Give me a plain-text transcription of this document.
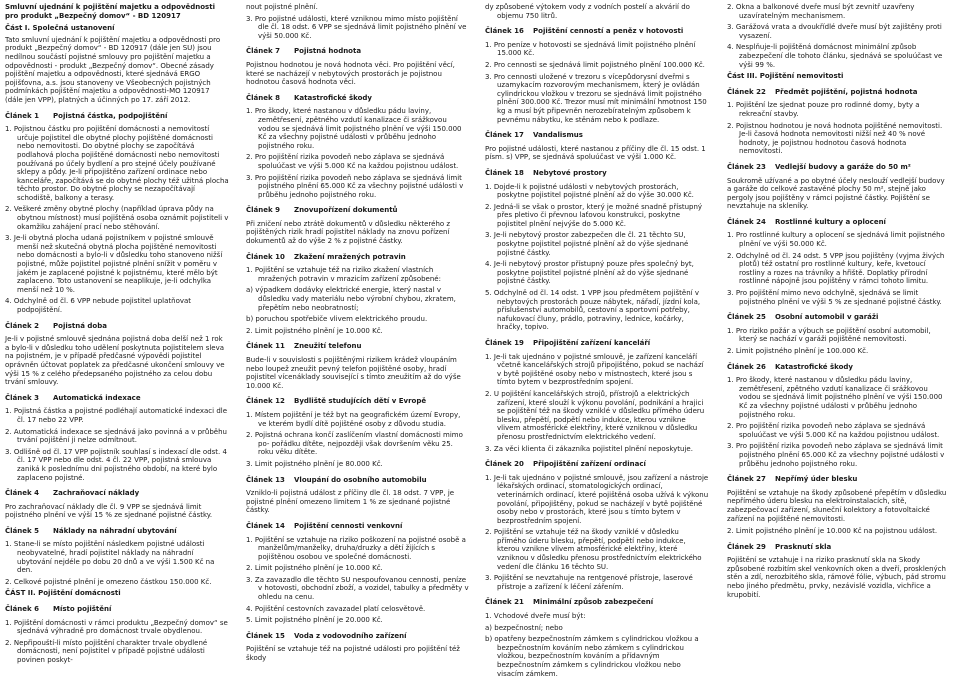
Smluvní ujednání k pojištění majetku a odpovědnosti pro produkt „Bezpečný domov“ - BD 120917
Část I. Společná ustanovení
Tato smluvní ujednání k pojištění majetku a odpovědnosti pro produkt „Bezpečný domov“ - BD 120917 (dále jen SU) jsou nedílnou součástí pojistné smlouvy pro pojištění majetku a odpovědnosti - produkt „Bezpečný domov“. Obecné zásady pojištění majetku a odpovědnosti, které sjednává ERGO pojišťovna, a.s. jsou stanoveny ve Všeobecných pojistných podmínkách pojištění majetku a odpovědnosti-MO 120917 (dále jen VPP), platných a účinných po 17. září 2012.
Článek 1 Pojistná částka, podpojištění
1. Pojistnou částku pro pojištění domácnosti a nemovitostí určuje pojistitel dle obytné plochy pojištěné domácnosti nebo nemovitosti. Do obytné plochy se započítává podlahová plocha pojištěné domácnosti nebo nemovitosti používaná po účely bydlení a pro stejné účely používané sklepy a půdy. Je-li připojištěno zařízení ordinace nebo kanceláře, započítává se do obytné plochy též užitná plocha těchto prostor. Do obytné plochy se nezapočítávají schodiště, balkony a terasy.
2. Veškeré změny obytné plochy (například úprava půdy na obytnou místnost) musí pojištěná osoba oznámit pojistiteli v okamžiku zahájení prací nebo stěhování.
3. Je-li obytná plocha udaná pojistníkem v pojistné smlouvě menší než skutečná obytná plocha pojištěné nemovitosti nebo domácnosti a bylo-li v důsledku toho stanoveno nižší pojistné, může pojistitel pojistné plnění snížit v poměru v jakém je zaplacené pojistné k pojistnému, které mělo být zaplaceno. Toto ustanovení se neaplikuje, je-li odchylka menší než 10 %.
4. Odchylně od čl. 6 VPP nebude pojistitel uplatňovat podpojištění.
Článek 2 Pojistná doba
Je-li v pojistné smlouvě sjednána pojistná doba delší než 1 rok a bylo-li v důsledku toho udělení poskytnuta pojistitelem sleva na pojistném, je v případě předčasné výpovědi pojistitel oprávněn účtovat poplatek za předčasné ukončení smlouvy ve výši 15 % z celého předepsaného pojistného za celou dobu trvání smlouvy.
Článek 3 Automatická indexace
1. Pojistná částka a pojistné podléhají automatické indexaci dle čl. 17 nebo 22 VPP.
2. Automatická indexace se sjednává jako povinná a v průběhu trvání pojištění ji nelze odmítnout.
3. Odlišně od čl. 17 VPP pojistník souhlasí s indexací dle odst. 4 čl. 17 VPP nebo dle odst. 4 čl. 22 VPP, pojistná smlouva zaniká k poslednímu dni pojistného období, na které bylo zaplaceno pojistné.
Článek 4 Zachraňovací náklady
Pro zachraňovací náklady dle čl. 9 VPP se sjednává limit pojistného plnění ve výši 15 % ze sjednané pojistné částky.
Článek 5 Náklady na náhradní ubytování
1. Stane-li se místo pojištění následkem pojistné události neobyvatelné, hradí pojistitel náklady na náhradní ubytování nejdéle po dobu 20 dnů a ve výši 1.500 Kč na den.
2. Celkové pojistné plnění je omezeno částkou 150.000 Kč.
ČÁST II. Pojištění domácnosti
Článek 6 Místo pojištění
1. Pojištění domácnosti v rámci produktu „Bezpečný domov“ se sjednává výhradně pro domácnost trvale obydlenou.
2. Nepřipouští-li místo pojištění charakter trvale obydlené domácnosti, není pojistitel v případě pojistné události povinen poskyt-
nout pojistné plnění.
3. Pro pojistné události, které vzniknou mimo místo pojištění dle čl. 18 odst. 6 VPP se sjednává limit pojistného plnění ve výši 50.000 Kč.
Článek 7 Pojistná hodnota
Pojistnou hodnotou je nová hodnota věci. Pro pojištění věcí, které se nacházejí v nebytových prostorách je pojistnou hodnotou časová hodnota věci.
Článek 8 Katastrofické škody
1. Pro škody, které nastanou v důsledku pádu laviny, zemětřesení, zpětného vzdutí kanalizace či srážkovou vodou se sjednává limit pojistného plnění ve výši 150.000 Kč za všechny pojistné události v průběhu jednoho pojistného roku.
2. Pro pojištění rizika povodeň nebo záplava se sjednává spoluúčast ve výši 5.000 Kč na každou pojistnou událost.
3. Pro pojištění rizika povodeň nebo záplava se sjednává limit pojistného plnění 65.000 Kč za všechny pojistné události v průběhu jednoho pojistného roku.
Článek 9 Znovupořízení dokumentů
Při zničení nebo ztrátě dokumentů v důsledku některého z pojištěných rizik hradí pojistitel náklady na znovu pořízení dokumentů až do výše 2 % z pojistné částky.
Článek 10 Zkažení mražených potravin
1. Pojištění se vztahuje též na riziko zkažení vlastních mražených potravin v mrazicím zařízení způsobené:
a) výpadkem dodávky elektrické energie, který nastal v důsledku vady materiálu nebo výrobní chybou, zkratem, přepětím nebo neobratností;
b) poruchou spotřebiče vlivem elektrického proudu.
2. Limit pojistného plnění je 10.000 Kč.
Článek 11 Zneužití telefonu
Bude-li v souvislosti s pojištěnými rizikem krádež vloupáním nebo loupež zneužit pevný telefon pojištěné osoby, hradí pojistitel vícenáklady související s tímto zneužitím až do výše 10.000 Kč.
Článek 12 Bydliště studujících dětí v Evropě
1. Místem pojištění je též byt na geografickém území Evropy, ve kterém bydlí dítě pojištěné osoby z důvodu studia.
2. Pojistná ochrana končí zaslíčením vlastní domácnosti mimo po- pořádku dítěte, nejpozději však dovršením věku 25. roku věku dítěte.
3. Limit pojistného plnění je 80.000 Kč.
Článek 13 Vloupání do osobního automobilu
Vzniklo-li pojistná událost z příčiny dle čl. 18 odst. 7 VPP, je pojistné plnění omezeno limitem 1 % ze sjednané pojistné částky.
Článek 14 Pojištění cennosti venkovní
1. Pojištění se vztahuje na riziko poškození na pojistné osobě a manželům/manželky, druha/druzky a dětí žijících s pojištěnou osobou ve společné domácnosti.
2. Limit pojistného plnění je 10.000 Kč.
3. Za zavazadlo dle těchto SU nespoufovanou cennosti, peníze v hotovosti, obchodní zboží, a vozidel, tabulky a předměty v ohledu na cenu.
4. Pojištění cestovních zavazadel platí celosvětově.
5. Limit pojistného plnění je 20.000 Kč.
Článek 15 Voda z vodovodního zařízení
Pojištění se vztahuje též na pojistné události pro pojištění též škody
dy způsobené výtokem vody z vodních postelí a akvárií do objemu 750 litrů.
Článek 16 Pojištění cenností a peněz v hotovosti
1. Pro peníze v hotovosti se sjednává limit pojistného plnění 15.000 Kč.
2. Pro cennosti se sjednává limit pojistného plnění 100.000 Kč.
3. Pro cennosti uložené v trezoru s vícepůdorysní dveřmi s uzamykacím rozvorovým mechanismem, který je ovládán cylindrickou vložkou v trezoru se sjednává limit pojistného plnění 300.000 Kč. Trezor musí mít minimální hmotnost 150 kg a musí být připevněn nerozebíratelným způsobem k pevnému nábytku, ke stěnám nebo k podlaze.
Článek 17 Vandalismus
Pro pojistné události, které nastanou z příčiny dle čl. 15 odst. 1 písm. s) VPP, se sjednává spoluúčast ve výši 1.000 Kč.
Článek 18 Nebytové prostory
1. Dojde-li k pojistné události v nebytových prostorách, poskytne pojistitel pojistné plnění až do výše 30.000 Kč.
2. Jedná-li se však o prostor, který je možné snadně přístupný přes pletivo či převnou laťovou konstrukci, poskytne pojistitel plnění nejvýše do 5.000 Kč.
3. Je-li nebytový prostor zabezpečen dle čl. 21 těchto SU, poskytne pojistitel pojistné plnění až do výše sjednané pojistné částky.
4. Je-li nebytový prostor přístupný pouze přes společný byt, poskytne pojistitel pojistné plnění až do výše sjednané pojistné částky.
5. Odchylně od čl. 14 odst. 1 VPP jsou předmětem pojištění v nebytových prostorách pouze nábytek, nářadí, jízdní kola, příslušenství automobilů, cestovní a sportovní potřeby, nafukovací čluny, prádlo, potraviny, lednice, kočárky, hračky, topivo.
Článek 19 Připojištění zařízení kanceláří
1. Je-li tak ujednáno v pojistné smlouvě, je zařízení kanceláří včetně kancelářských strojů připojištěno, pokud se nachází v bytě pojištěné osoby nebo v místnostech, které jsou s tímto bytem v bezprostředním spojení.
2. U pojištění kancelářských strojů, přístrojů a elektrických zařízení, které slouží k výkonu povolání, podnikání a hrajici se pojištění též na škody vzniklé v důsledku přímého úderu blesku, přepětí, podpětí nebo indukce, kterou vznikne vlivem atmosférické elektřiny, které vzniknou v důsledku přenosu prostřednictvím elektrického vedení.
3. Za věci klienta či zákazníka pojistitel plnění neposkytuje.
Článek 20 Připojištění zařízení ordinací
1. Je-li tak ujednáno v pojistné smlouvě, jsou zařízení a nástroje lékařských ordinací, stomatologických ordinací, veterinárních ordinací, které pojištěná osoba užívá k výkonu povolání, připojištěny, pokud se nacházejí v bytě pojištěné osoby nebo v prostorách, které jsou s tímto bytem v bezprostředním spojení.
2. Pojištění se vztahuje též na škody vzniklé v důsledku přímého úderu blesku, přepětí, podpětí nebo indukce, kterou vznikne vlivem atmosférické elektřiny, které vzniknou v důsledku přenosu prostřednictvím elektrického vedení dle článku 16 těchto SU.
3. Pojištění se nevztahuje na rentgenové přístroje, laserové přístroje a zařízení k léčení zářením.
Článek 21 Minimální způsob zabezpečení
1. Vchodové dveře musí být:
a) bezpečnostní; nebo
b) opatřeny bezpečnostním zámkem s cylindrickou vložkou a bezpečnostním kováním nebo zámkem s cylindrickou vložkou, bezpečnostním kováním a přídavným bezpečnostním zámkem s cylindrickou vložkou nebo visacím zámkem.
2. Okna a balkonové dveře musí být zevnitř uzavřeny uzavíratelným mechanismem.
3. Garážová vrata a dvoukřídlé dveře musí být zajištěny proti vysazení.
4. Nesplňuje-li pojištěná domácnost minimální způsob zabezpečení dle tohoto článku, sjednává se spoluúčast ve výši 99 %.
Část III. Pojištění nemovitosti
Článek 22 Předmět pojištění, pojistná hodnota
1. Pojištění lze sjednat pouze pro rodinné domy, byty a rekreační stavby.
2. Pojistnou hodnotou je nová hodnota pojištěné nemovitosti. Je-li časová hodnota nemovitosti nižší než 40 % nové hodnoty, je pojistnou hodnotou časová hodnota nemovitosti.
Článek 23 Vedlejší budovy a garáže do 50 m²
Soukromě užívané a po obytné účely neslouží vedlejší budovy a garáže do celkové zastavěné plochy 50 m², stejně jako pergoly jsou pojištěny v rámci pojistné částky. Pojištění se nevztahuje na skleníky.
Článek 24 Rostlinné kultury a oplocení
1. Pro rostlinné kultury a oplocení se sjednává limit pojistného plnění ve výši 50.000 Kč.
2. Odchylně od čl. 24 odst. 5 VPP jsou pojištěny (vyjma živých plotů) též ostatní pro rostlinné kultury, keře, kvetoucí rostliny a rozes na trávníky a hřiště. Doplatky přírodní rostlinné nápojně jsou pojištěny v rámci tohoto limitu.
3. Pro pojištění mimo nevo odchylně, sjednává se limit pojistného plnění ve výši 5 % ze sjednané pojistné částky.
Článek 25 Osobní automobil v garáži
1. Pro riziko požár a výbuch se pojištění osobní automobil, který se nachází v garáži pojištěné nemovitosti.
2. Limit pojistného plnění je 100.000 Kč.
Článek 26 Katastrofické škody
1. Pro škody, které nastanou v důsledku pádu laviny, zemětřesení, zpětného vzdutí kanalizace či srážkovou vodou se sjednává limit pojistného plnění ve výši 150.000 Kč za všechny pojistné události v průběhu jednoho pojistného roku.
2. Pro pojištění rizika povodeň nebo záplava se sjednává spoluúčast ve výši 5.000 Kč na každou pojistnou událost.
3. Pro pojištění rizika povodeň nebo záplava se sjednává limit pojistného plnění 65.000 Kč za všechny pojistné události v průběhu jednoho pojistného roku.
Článek 27 Nepřímý úder blesku
Pojištění se vztahuje na škody způsobené přepětím v důsledku nepřímého úderu blesku na elektroinstalacích, sítě, zabezpečovací zařízení, sluneční kolektory a fotovoltaické zařízení na pojištěné nemovitosti.
2. Limit pojistného plnění je 10.000 Kč na pojistnou událost.
Článek 29 Prasknutí skla
Pojištění se vztahuje i na riziko prasknutí skla na Skody způsobené rozbitím skel venkovních oken a dveří, prosklených stěn a zdí, nerozbitého skla, rámové fólie, výbuch, pád stromu nebo jiného předmětu, prvky, nezávislé vozidla, vichřice a krupobití.
